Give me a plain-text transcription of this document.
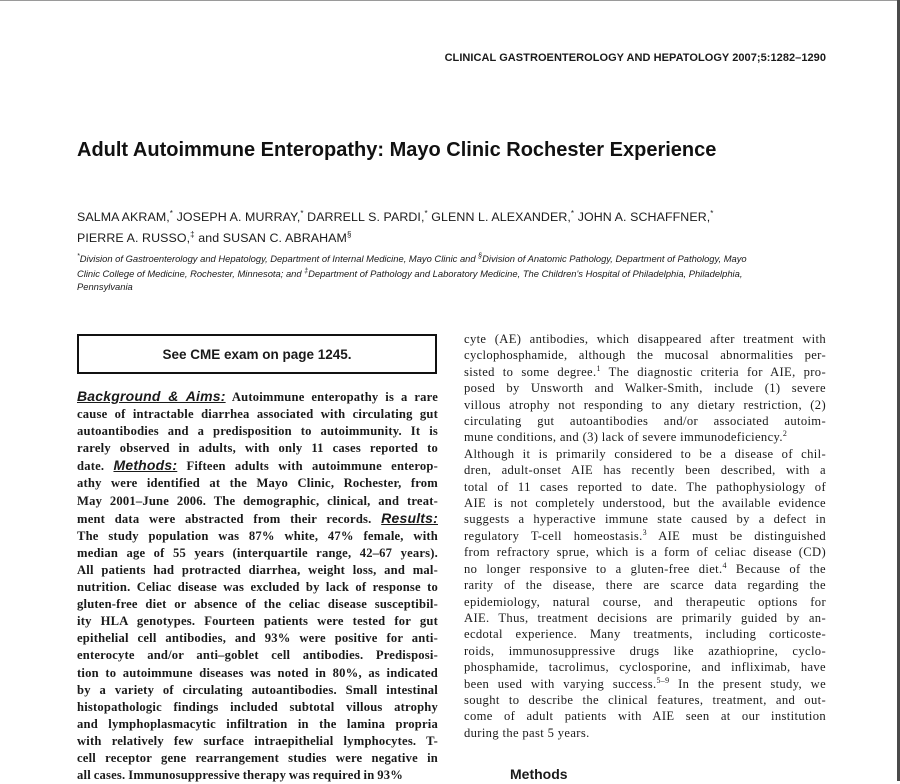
CLINICAL GASTROENTEROLOGY AND HEPATOLOGY 2007;5:1282–1290
Adult Autoimmune Enteropathy: Mayo Clinic Rochester Experience
SALMA AKRAM,* JOSEPH A. MURRAY,* DARRELL S. PARDI,* GLENN L. ALEXANDER,* JOHN A. SCHAFFNER,*
PIERRE A. RUSSO,‡ and SUSAN C. ABRAHAM§
*Division of Gastroenterology and Hepatology, Department of Internal Medicine, Mayo Clinic and §Division of Anatomic Pathology, Department of Pathology, Mayo
Clinic College of Medicine, Rochester, Minnesota; and ‡Department of Pathology and Laboratory Medicine, The Children's Hospital of Philadelphia, Philadelphia,
Pennsylvania
See CME exam on page 1245.
Background & Aims: Autoimmune enteropathy is a rare
cause of intractable diarrhea associated with circulating gut
autoantibodies and a predisposition to autoimmunity. It is
rarely observed in adults, with only 11 cases reported to
date. Methods: Fifteen adults with autoimmune enterop-
athy were identified at the Mayo Clinic, Rochester, from
May 2001–June 2006. The demographic, clinical, and treat-
ment data were abstracted from their records. Results:
The study population was 87% white, 47% female, with
median age of 55 years (interquartile range, 42–67 years).
All patients had protracted diarrhea, weight loss, and mal-
nutrition. Celiac disease was excluded by lack of response to
gluten-free diet or absence of the celiac disease susceptibil-
ity HLA genotypes. Fourteen patients were tested for gut
epithelial cell antibodies, and 93% were positive for anti-
enterocyte and/or anti–goblet cell antibodies. Predisposi-
tion to autoimmune diseases was noted in 80%, as indicated
by a variety of circulating autoantibodies. Small intestinal
histopathologic findings included subtotal villous atrophy
and lymphoplasmacytic infiltration in the lamina propria
with relatively few surface intraepithelial lymphocytes. T-
cell receptor gene rearrangement studies were negative in
all cases. Immunosuppressive therapy was required in 93%
cyte (AE) antibodies, which disappeared after treatment with
cyclophosphamide, although the mucosal abnormalities per-
sisted to some degree.$^1$ The diagnostic criteria for AIE, pro-
posed by Unsworth and Walker-Smith, include (1) severe
villous atrophy not responding to any dietary restriction, (2)
circulating gut autoantibodies and/or associated autoim-
mune conditions, and (3) lack of severe immunodeficiency.$^2$
Although it is primarily considered to be a disease of chil-
dren, adult-onset AIE has recently been described, with a
total of 11 cases reported to date. The pathophysiology of
AIE is not completely understood, but the available evidence
suggests a hyperactive immune state caused by a defect in
regulatory T-cell homeostasis.$^3$ AIE must be distinguished
from refractory sprue, which is a form of celiac disease (CD)
no longer responsive to a gluten-free diet.$^4$ Because of the
rarity of the disease, there are scarce data regarding the
epidemiology, natural course, and therapeutic options for
AIE. Thus, treatment decisions are primarily guided by an-
ecdotal experience. Many treatments, including corticoste-
roids, immunosuppressive drugs like azathioprine, cyclo-
phosphamide, tacrolimus, cyclosporine, and infliximab, have
been used with varying success.$^{5-9}$ In the present study, we
sought to describe the clinical features, treatment, and out-
come of adult patients with AIE seen at our institution
during the past 5 years.
Methods
